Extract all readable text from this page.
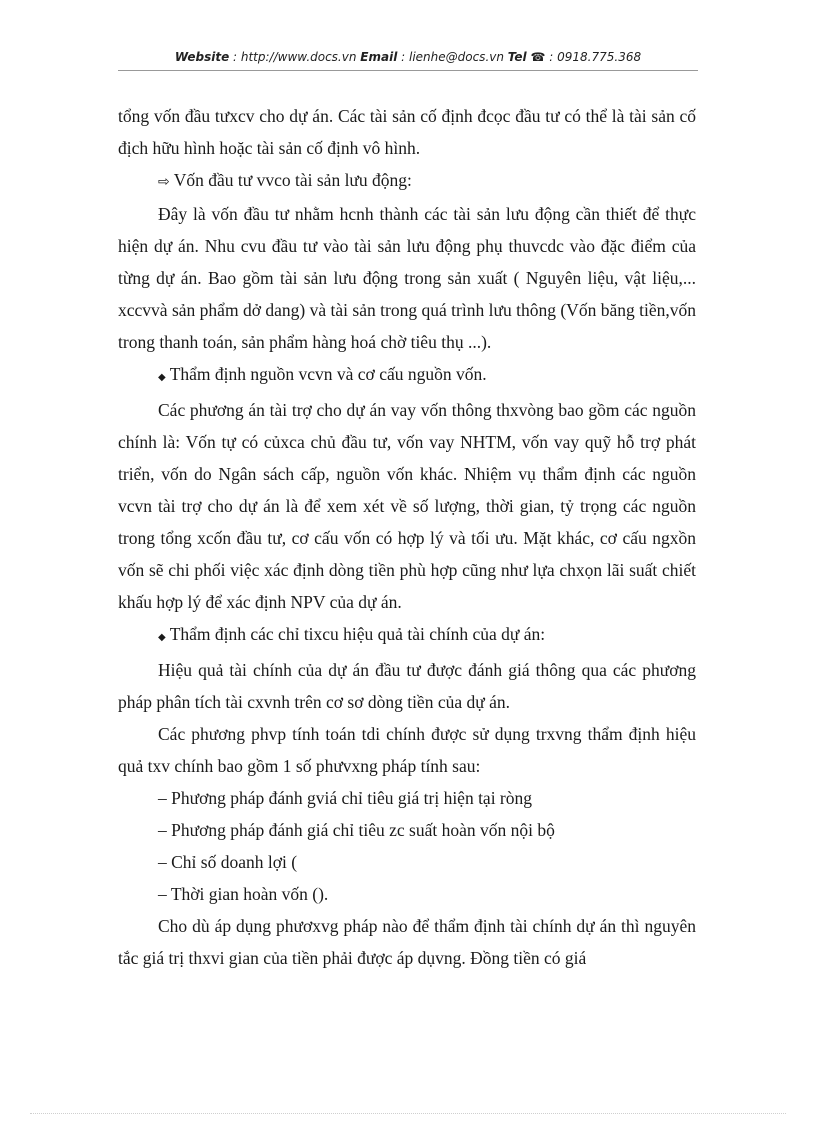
Website : http://www.docs.vn Email : lienhe@docs.vn Tel ☎ : 0918.775.368

tổng vốn đầu tưxcv cho dự án. Các tài sản cố định đcọc đầu tư có thể là tài sản cố địch hữu hình hoặc tài sản cố định vô hình.

⇨ Vốn đầu tư vvco tài sản lưu động:

Đây là vốn đầu tư nhằm hcnh thành các tài sản lưu động cần thiết để thực hiện dự án. Nhu cvu đầu tư vào tài sản lưu động phụ thuvcdc vào đặc điểm của từng dự án. Bao gồm tài sản lưu động trong sản xuất ( Nguyên liệu, vật liệu,... xccvvà sản phẩm dở dang) và tài sản trong quá trình lưu thông (Vốn băng tiền,vốn trong thanh toán, sản phẩm hàng hoá chờ tiêu thụ ...).

◆ Thẩm định nguồn vcvn và cơ cấu nguồn vốn.

Các phương án tài trợ cho dự án vay vốn thông thxvòng bao gồm các nguồn chính là: Vốn tự có củxca chủ đầu tư, vốn vay NHTM, vốn vay quỹ hỗ trợ phát triển, vốn do Ngân sách cấp, nguồn vốn khác. Nhiệm vụ thẩm định các nguồn vcvn tài trợ cho dự án là để xem xét về số lượng, thời gian, tỷ trọng các nguồn trong tổng xcốn đầu tư, cơ cấu vốn có hợp lý và tối ưu. Mặt khác, cơ cấu ngxồn vốn sẽ chi phối việc xác định dòng tiền phù hợp cũng như lựa chxọn lãi suất chiết khấu hợp lý để xác định NPV của dự án.

◆ Thẩm định các chỉ tixcu hiệu quả tài chính của dự án:

Hiệu quả tài chính của dự án đầu tư được đánh giá thông qua các phương pháp phân tích tài cxvnh trên cơ sơ dòng tiền của dự án.

Các phương phvp tính toán tdi chính được sử dụng trxvng thẩm định hiệu quả txv chính bao gồm 1 số phưvxng pháp tính sau:

– Phương pháp đánh gviá chỉ tiêu giá trị hiện tại ròng

– Phương pháp đánh giá chỉ tiêu zc suất hoàn vốn nội bộ

– Chỉ số doanh lợi (

– Thời gian hoàn vốn ().

Cho dù áp dụng phươxvg pháp nào để thẩm định tài chính dự án thì nguyên tắc giá trị thxvi gian của tiền phải được áp dụvng. Đồng tiền có giá
